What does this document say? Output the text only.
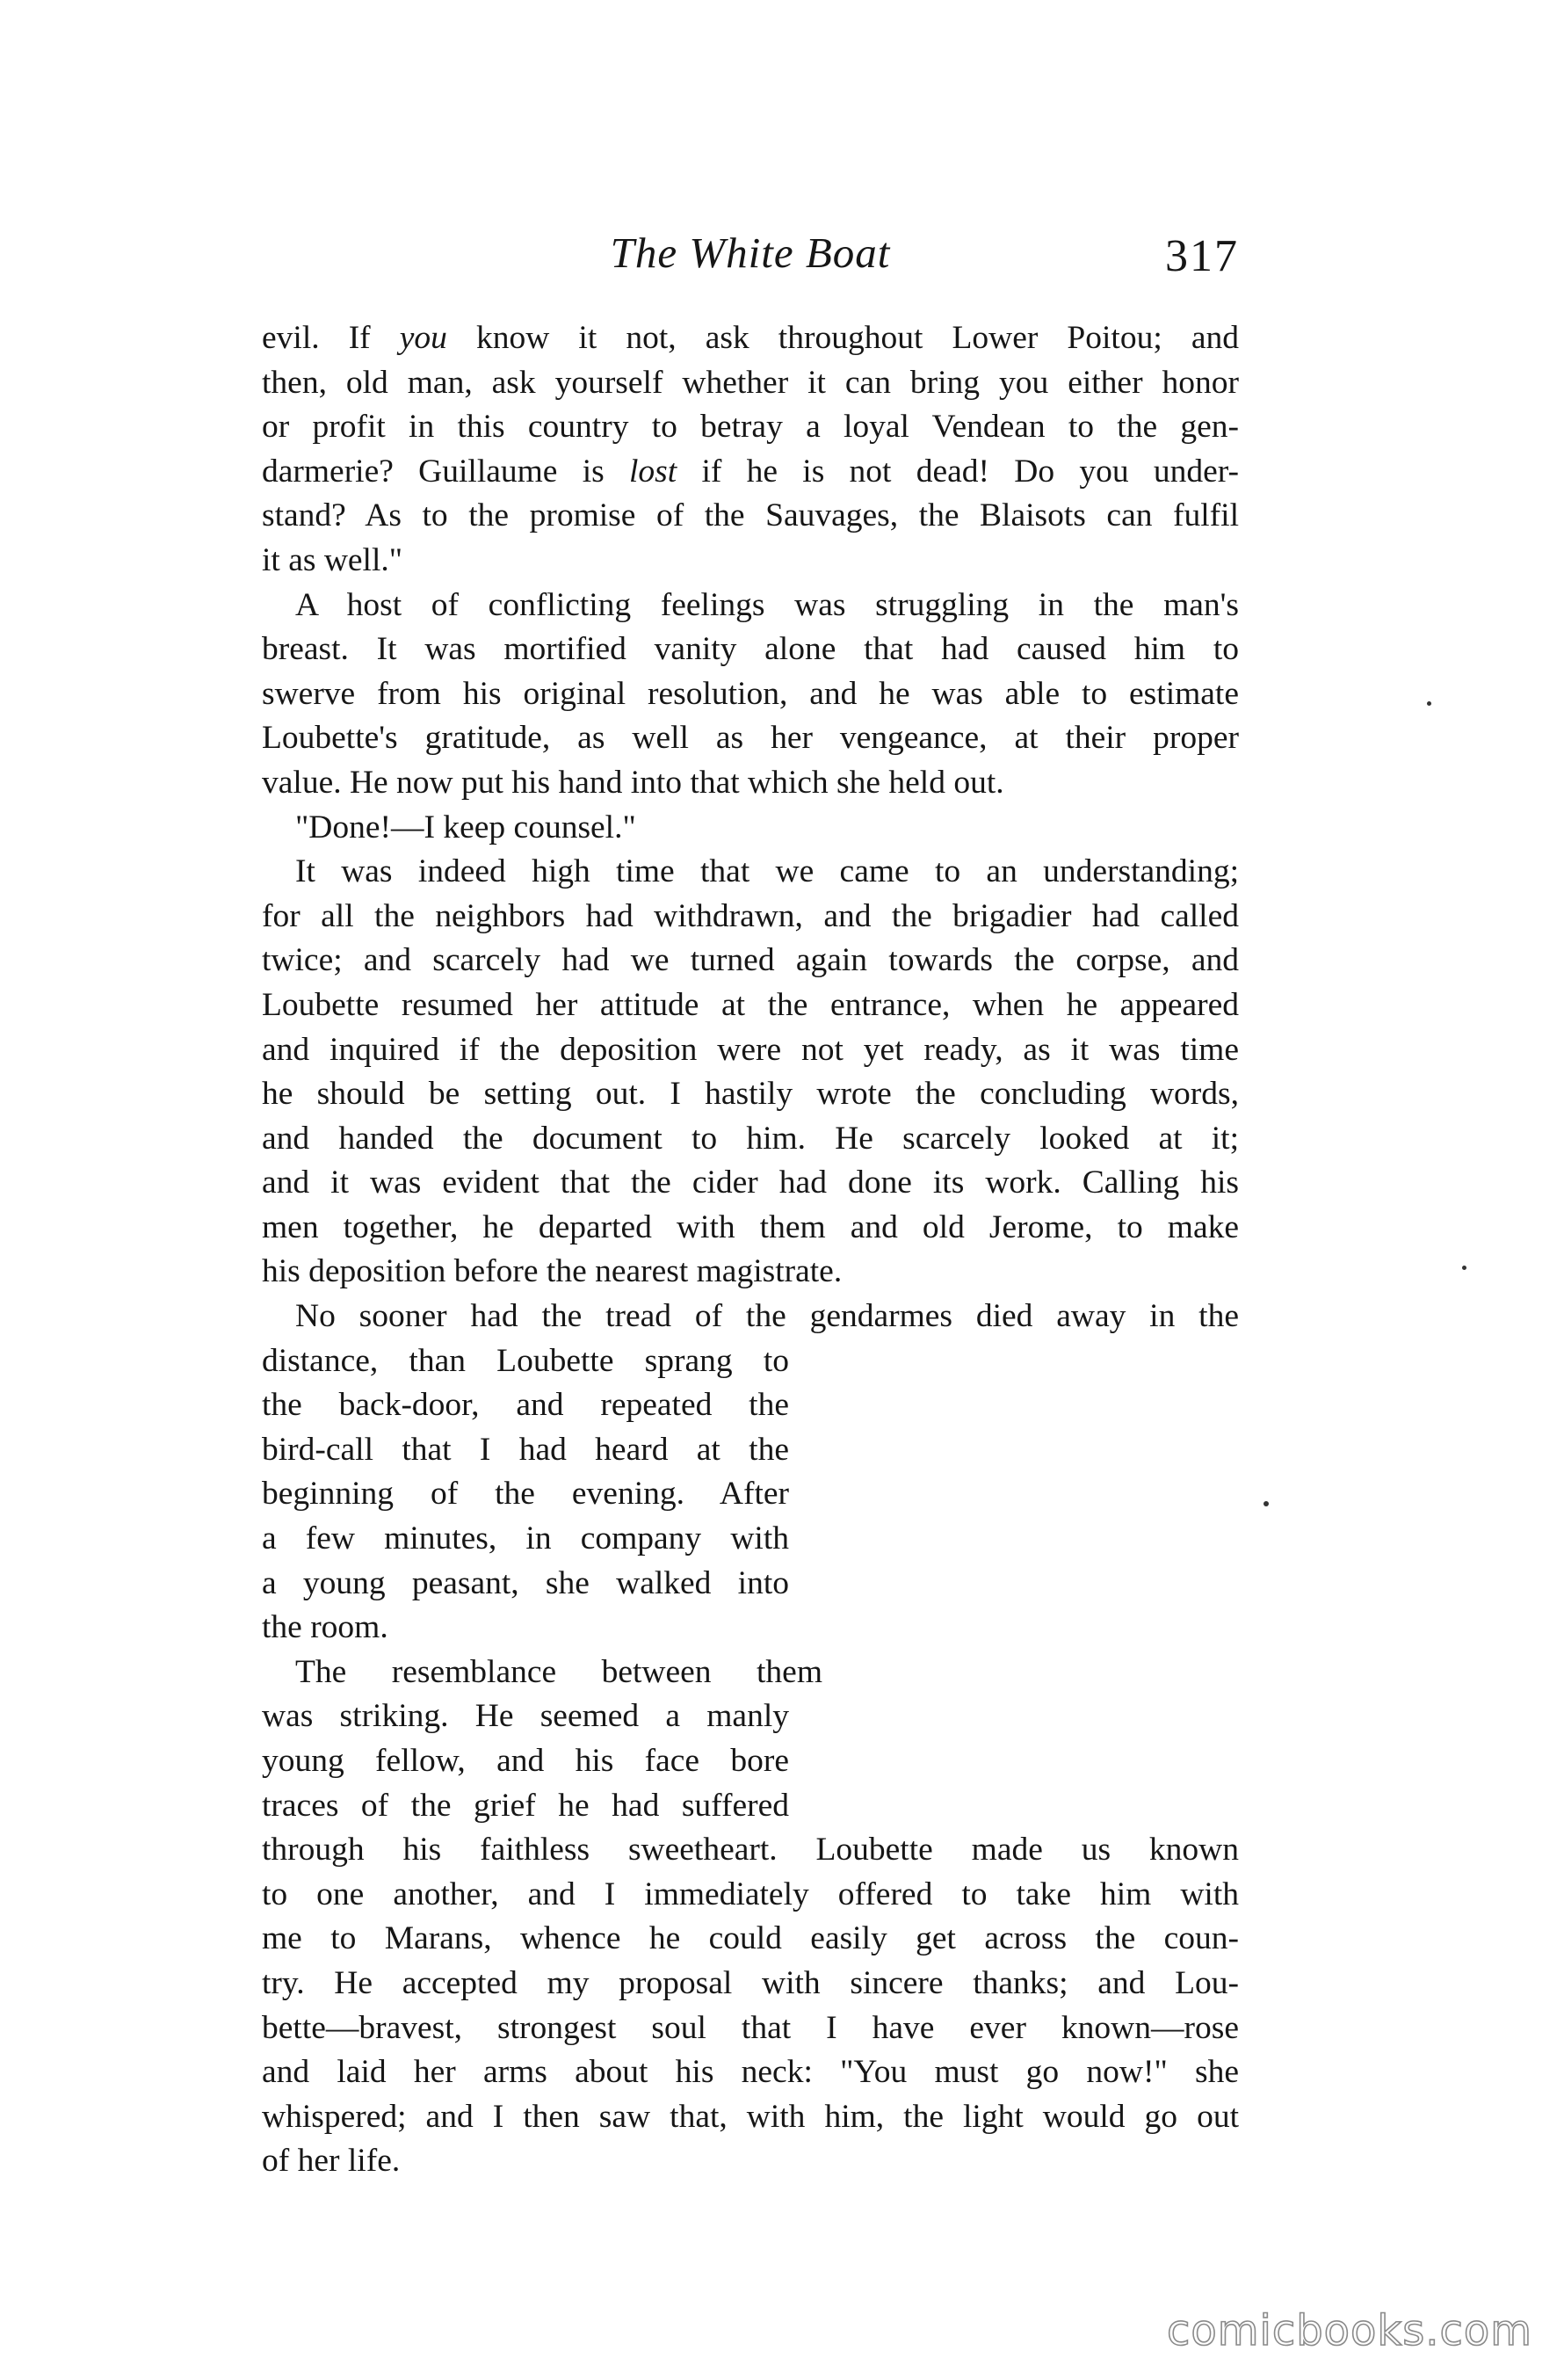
The White Boat	317
evil. If you know it not, ask throughout Lower Poitou; and
then, old man, ask yourself whether it can bring you either honor
or profit in this country to betray a loyal Vendean to the gen-
darmerie? Guillaume is lost if he is not dead! Do you under-
stand? As to the promise of the Sauvages, the Blaisots can fulfil
it as well."
A host of conflicting feelings was struggling in the man's
breast. It was mortified vanity alone that had caused him to
swerve from his original resolution, and he was able to estimate
Loubette's gratitude, as well as her vengeance, at their proper
value. He now put his hand into that which she held out.
"Done!—I keep counsel."
It was indeed high time that we came to an understanding;
for all the neighbors had withdrawn, and the brigadier had called
twice; and scarcely had we turned again towards the corpse, and
Loubette resumed her attitude at the entrance, when he appeared
and inquired if the deposition were not yet ready, as it was time
he should be setting out. I hastily wrote the concluding words,
and handed the document to him. He scarcely looked at it;
and it was evident that the cider had done its work. Calling his
men together, he departed with them and old Jerome, to make
his deposition before the nearest magistrate.
No sooner had the tread of the gendarmes died away in the
distance, than Loubette sprang to
the back-door, and repeated the
bird-call that I had heard at the
beginning of the evening. After
a few minutes, in company with
a young peasant, she walked into
the room.
The resemblance between them
was striking. He seemed a manly
young fellow, and his face bore
traces of the grief he had suffered
through his faithless sweetheart. Loubette made us known
to one another, and I immediately offered to take him with
me to Marans, whence he could easily get across the coun-
try. He accepted my proposal with sincere thanks; and Lou-
bette—bravest, strongest soul that I have ever known—rose
and laid her arms about his neck: "You must go now!" she
whispered; and I then saw that, with him, the light would go out
of her life.
comicbooks.com
